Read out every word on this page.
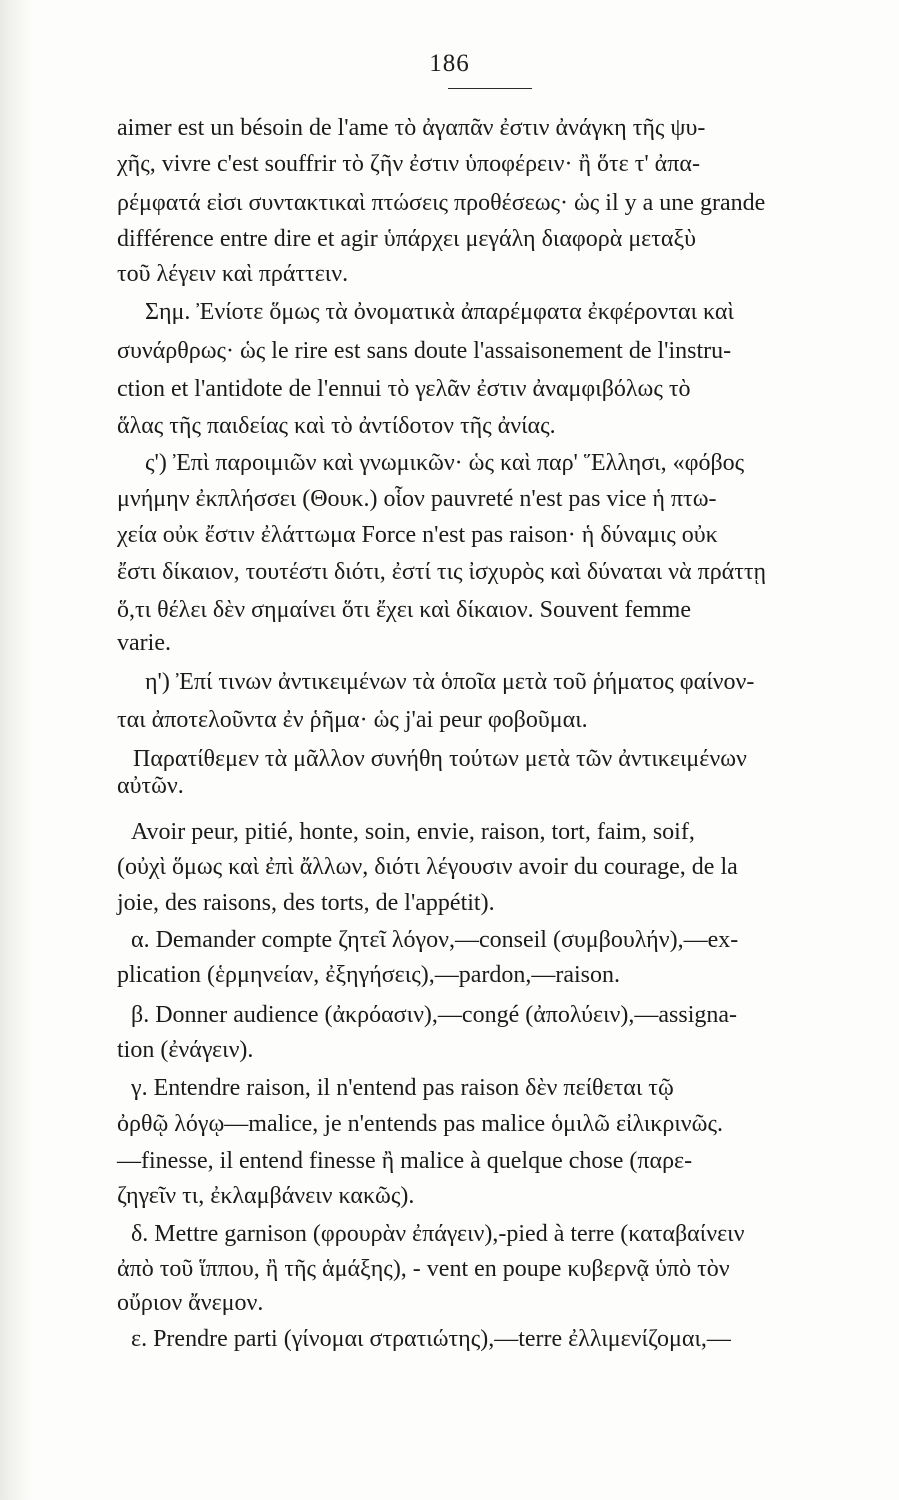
186
aimer est un bésoin de l'ame τὸ ἀγαπᾶν ἐστιν ἀνάγκη τῆς ψυ-
χῆς, vivre c'est souffrir τὸ ζῆν ἐστιν ὑποφέρειν· ἢ ὅτε τ' ἀπα-
ρέμφατά εἰσι συντακτικαὶ πτώσεις προθέσεως· ὡς il y a une grande
différence entre dire et agir ὑπάρχει μεγάλη διαφορὰ μεταξὺ
τοῦ λέγειν καὶ πράττειν.
Σημ. Ἐνίοτε ὅμως τὰ ὀνοματικὰ ἀπαρέμφατα ἐκφέρονται καὶ
συνάρθρως· ὡς le rire est sans doute l'assaisonement de l'instru-
ction et l'antidote de l'ennui τὸ γελᾶν ἐστιν ἀναμφιβόλως τὸ
ἅλας τῆς παιδείας καὶ τὸ ἀντίδοτον τῆς ἀνίας.
ς') Ἐπὶ παροιμιῶν καὶ γνωμικῶν· ὡς καὶ παρ' Ἕλλησι, «φόβος
μνήμην ἐκπλήσσει (Θουκ.) οἷον pauvreté n'est pas vice ἡ πτω-
χεία οὐκ ἔστιν ἐλάττωμα Force n'est pas raison· ἡ δύναμις οὐκ
ἔστι δίκαιον, τουτέστι διότι, ἐστί τις ἰσχυρὸς καὶ δύναται νὰ πράττῃ
ὅ,τι θέλει δὲν σημαίνει ὅτι ἔχει καὶ δίκαιον. Souvent femme
varie.
η') Ἐπί τινων ἀντικειμένων τὰ ὁποῖα μετὰ τοῦ ῥήματος φαίνον-
ται ἀποτελοῦντα ἐν ῥῆμα· ὡς j'ai peur φοβοῦμαι.
Παρατίθεμεν τὰ μᾶλλον συνήθη τούτων μετὰ τῶν ἀντικειμένων
αὐτῶν.
Avoir peur, pitié, honte, soin, envie, raison, tort, faim, soif,
(οὐχὶ ὅμως καὶ ἐπὶ ἄλλων, διότι λέγουσιν avoir du courage, de la
joie, des raisons, des torts, de l'appétit).
α. Demander compte ζητεῖ λόγον,—conseil (συμβουλήν),—ex-
plication (ἑρμηνείαν, ἐξηγήσεις),—pardon,—raison.
β. Donner audience (ἀκρόασιν),—congé (ἀπολύειν),—assigna-
tion (ἐνάγειν).
γ. Entendre raison, il n'entend pas raison δὲν πείθεται τῷ
ὀρθῷ λόγῳ—malice, je n'entends pas malice ὁμιλῶ εἰλικρινῶς.
—finesse, il entend finesse ἢ malice à quelque chose (παρε-
ζηγεῖν τι, ἐκλαμβάνειν κακῶς).
δ. Mettre garnison (φρουρὰν ἐπάγειν),-pied à terre (καταβαίνειν
ἀπὸ τοῦ ἵππου, ἢ τῆς ἁμάξης), - vent en poupe κυβερνᾷ ὑπὸ τὸν
οὔριον ἄνεμον.
ε. Prendre parti (γίνομαι στρατιώτης),—terre ἐλλιμενίζομαι,—
